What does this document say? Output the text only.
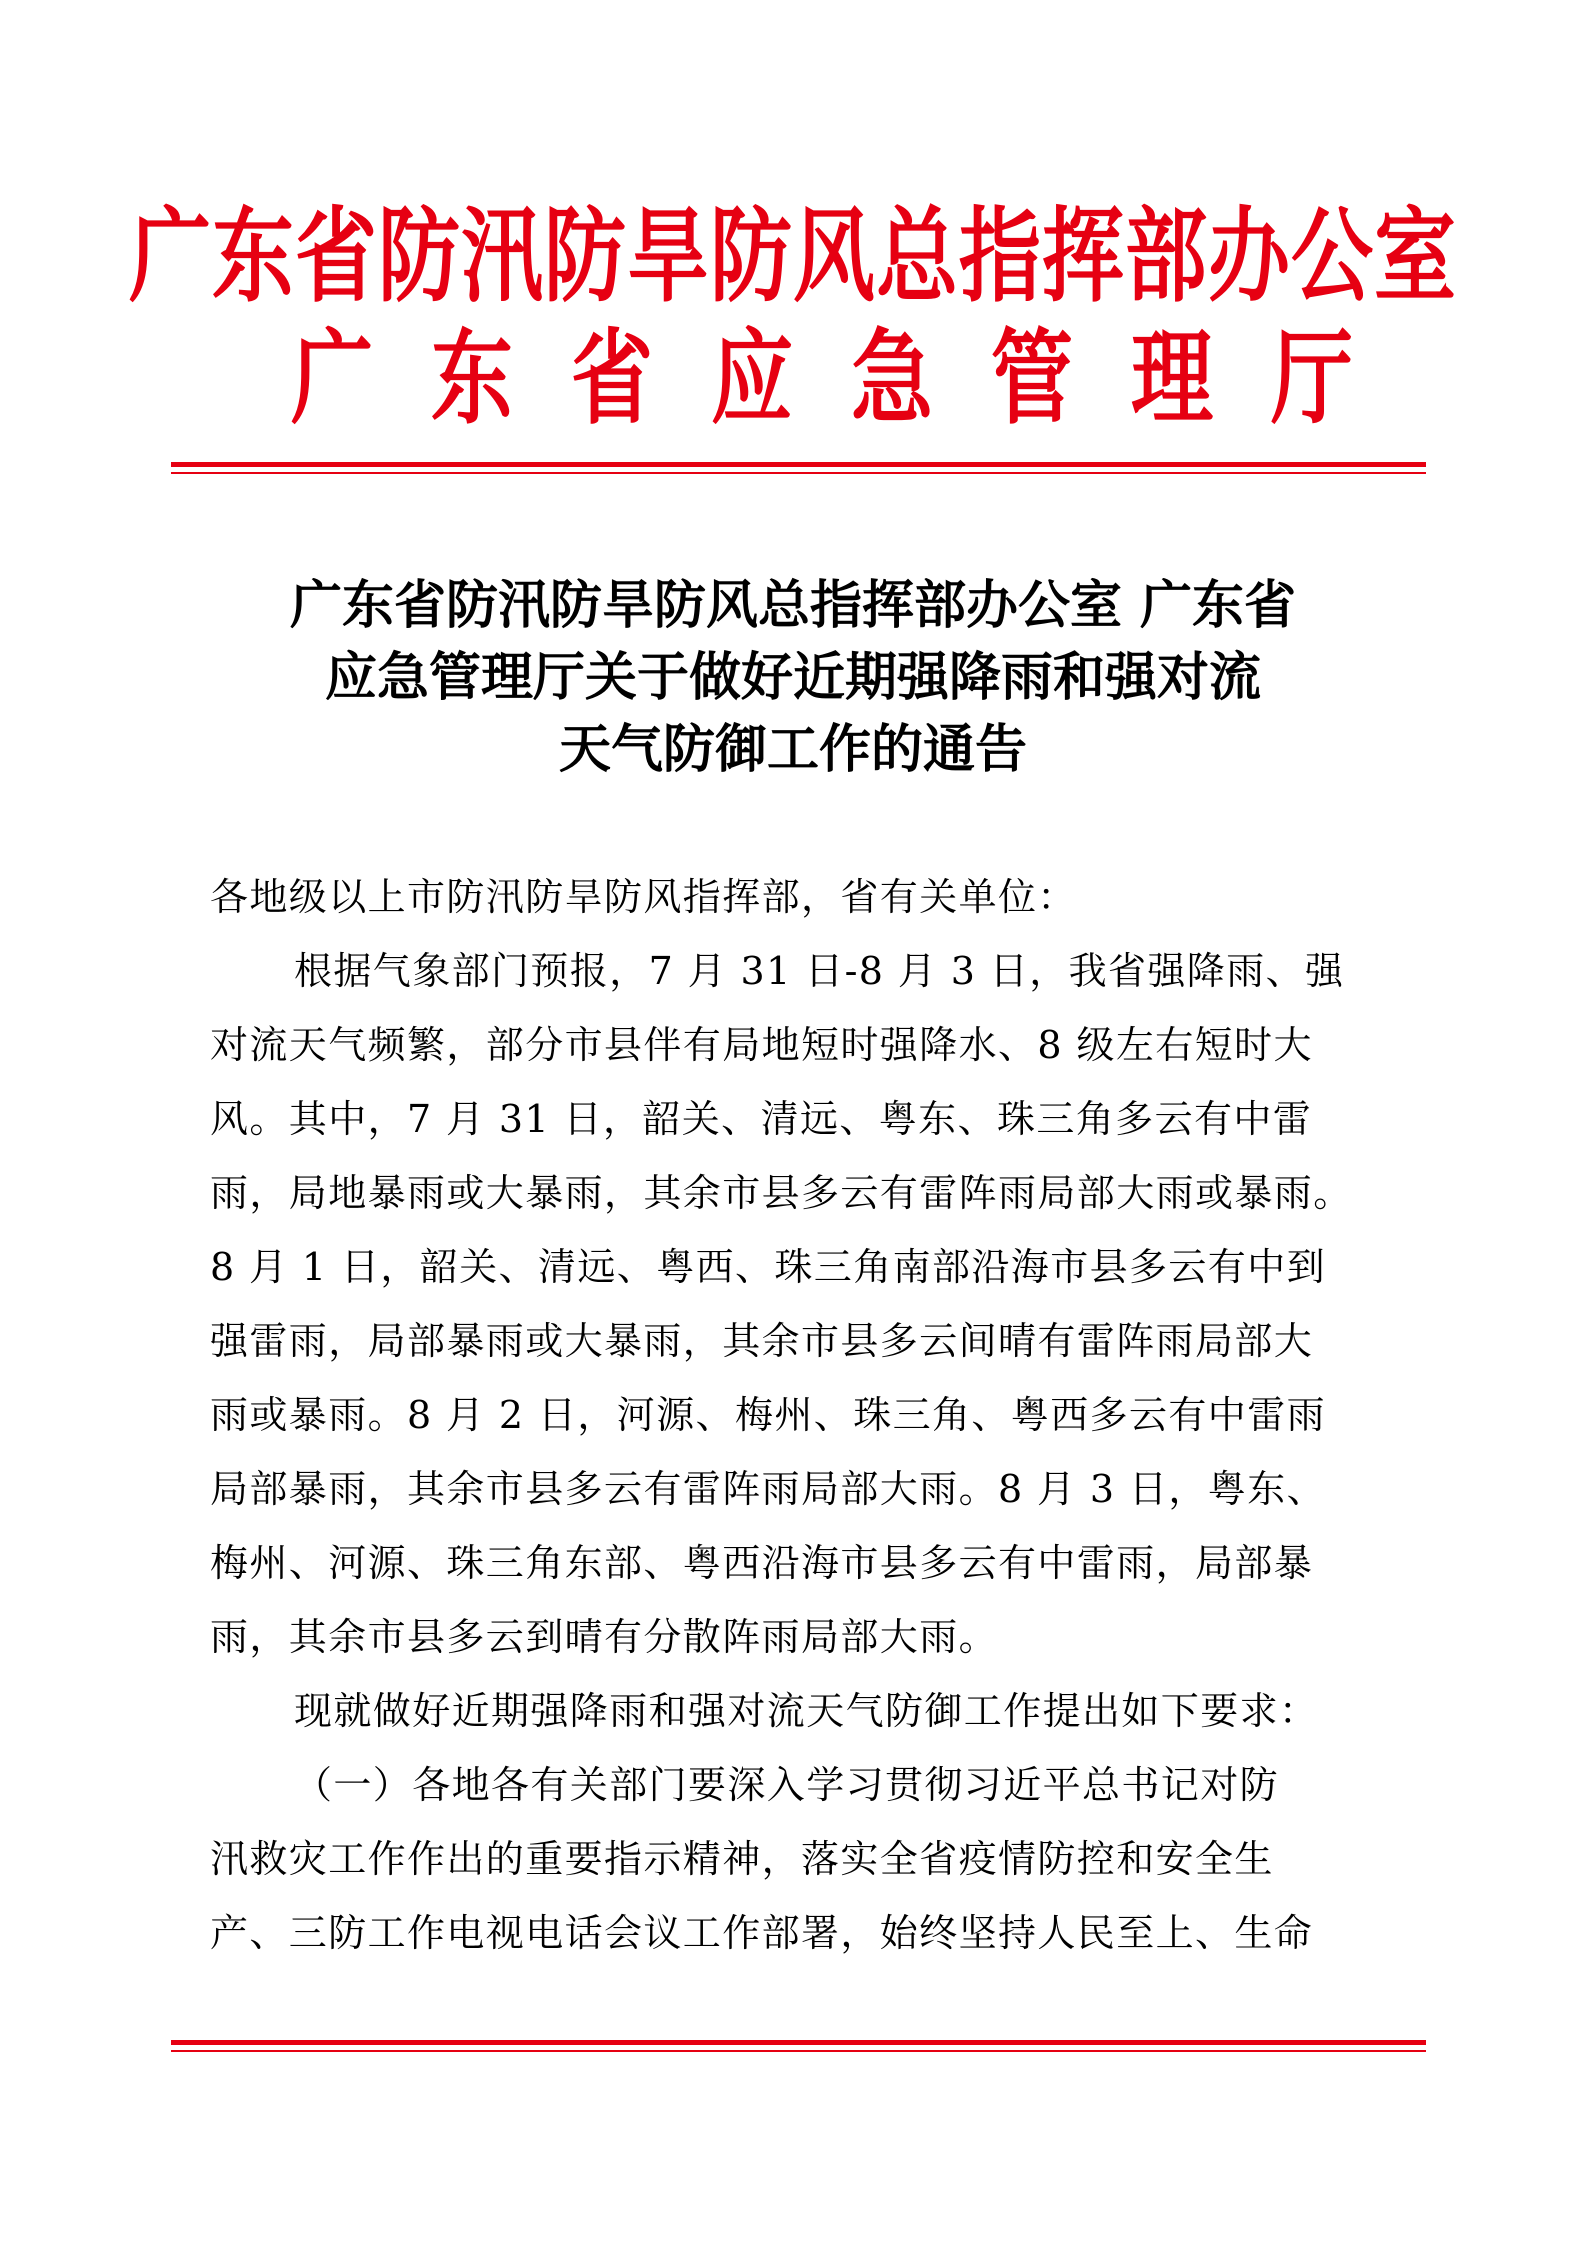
广东省防汛防旱防风总指挥部办公室
广东省应急管理厅
广东省防汛防旱防风总指挥部办公室 广东省
应急管理厅关于做好近期强降雨和强对流
天气防御工作的通告
各地级以上市防汛防旱防风指挥部，省有关单位：
根据气象部门预报，7 月 31 日-8 月 3 日，我省强降雨、强
对流天气频繁，部分市县伴有局地短时强降水、8 级左右短时大
风。其中，7 月 31 日，韶关、清远、粤东、珠三角多云有中雷
雨，局地暴雨或大暴雨，其余市县多云有雷阵雨局部大雨或暴雨。
8 月 1 日，韶关、清远、粤西、珠三角南部沿海市县多云有中到
强雷雨，局部暴雨或大暴雨，其余市县多云间晴有雷阵雨局部大
雨或暴雨。8 月 2 日，河源、梅州、珠三角、粤西多云有中雷雨
局部暴雨，其余市县多云有雷阵雨局部大雨。8 月 3 日，粤东、
梅州、河源、珠三角东部、粤西沿海市县多云有中雷雨，局部暴
雨，其余市县多云到晴有分散阵雨局部大雨。
现就做好近期强降雨和强对流天气防御工作提出如下要求：
（一）各地各有关部门要深入学习贯彻习近平总书记对防
汛救灾工作作出的重要指示精神，落实全省疫情防控和安全生
产、三防工作电视电话会议工作部署，始终坚持人民至上、生命
